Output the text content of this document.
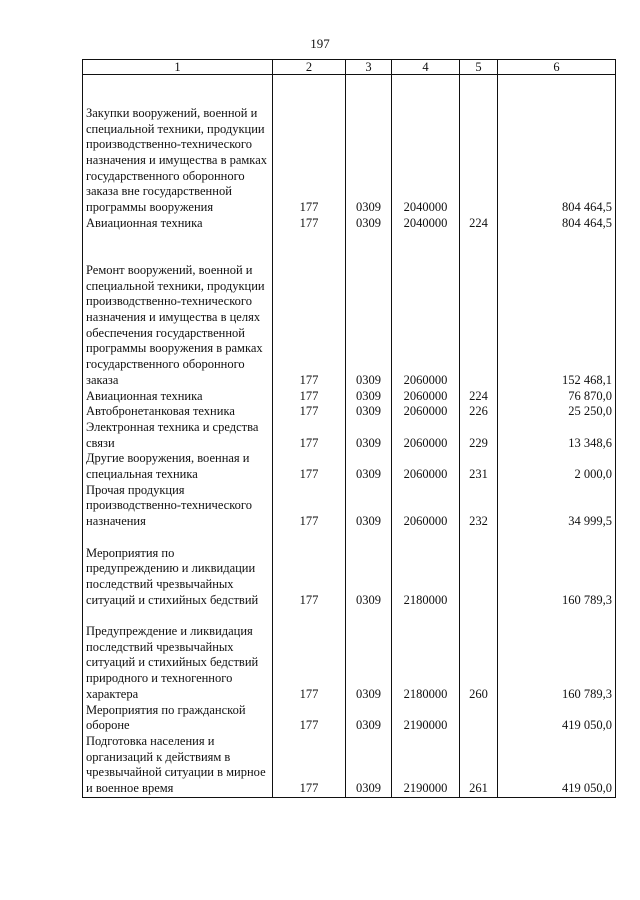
197
1	2	3	4	5	6
Закупки вооружений, военной и специальной техники, продукции производственно-технического назначения и имущества в рамках государственного оборонного заказа вне государственной программы вооружения	177	0309	2040000		804 464,5
Авиационная техника	177	0309	2040000	224	804 464,5
Ремонт вооружений, военной и специальной техники, продукции производственно-технического назначения и имущества в целях обеспечения государственной программы вооружения в рамках государственного оборонного заказа	177	0309	2060000		152 468,1
Авиационная техника	177	0309	2060000	224	76 870,0
Автобронетанковая техника	177	0309	2060000	226	25 250,0
Электронная техника и средства связи	177	0309	2060000	229	13 348,6
Другие вооружения, военная и специальная техника	177	0309	2060000	231	2 000,0
Прочая продукция производственно-технического назначения	177	0309	2060000	232	34 999,5
Мероприятия по предупреждению и ликвидации последствий чрезвычайных ситуаций и стихийных бедствий	177	0309	2180000		160 789,3
Предупреждение и ликвидация последствий чрезвычайных ситуаций и стихийных бедствий природного и техногенного характера	177	0309	2180000	260	160 789,3
Мероприятия по гражданской обороне	177	0309	2190000		419 050,0
Подготовка населения и организаций к действиям в чрезвычайной ситуации в мирное и военное время	177	0309	2190000	261	419 050,0
